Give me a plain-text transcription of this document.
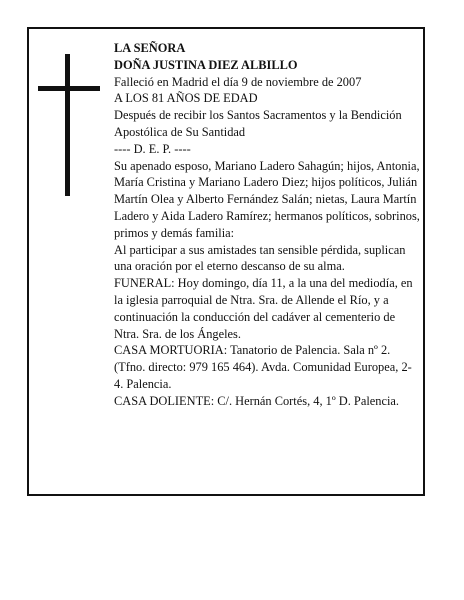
LA SEÑORA

DOÑA JUSTINA DIEZ ALBILLO

Falleció en Madrid el día 9 de noviembre de 2007

A LOS 81 AÑOS DE EDAD

Después de recibir los Santos Sacramentos y la Bendición Apostólica de Su Santidad

---- D. E. P. ----

Su apenado esposo, Mariano Ladero Sahagún; hijos, Antonia, María Cristina y Mariano Ladero Diez; hijos políticos, Julián Martín Olea y Alberto Fernández Salán; nietas, Laura Martín Ladero y Aida Ladero Ramírez; hermanos políticos, sobrinos, primos y demás familia:

Al participar a sus amistades tan sensible pérdida, suplican una oración por el eterno descanso de su alma.

FUNERAL: Hoy domingo, día 11, a la una del mediodía, en la iglesia parroquial de Ntra. Sra. de Allende el Río, y a continuación la conducción del cadáver al cementerio de Ntra. Sra. de los Ángeles.

CASA MORTUORIA: Tanatorio de Palencia. Sala nº 2. (Tfno. directo: 979 165 464). Avda. Comunidad Europea, 2-4. Palencia.

CASA DOLIENTE: C/. Hernán Cortés, 4, 1º D. Palencia.
